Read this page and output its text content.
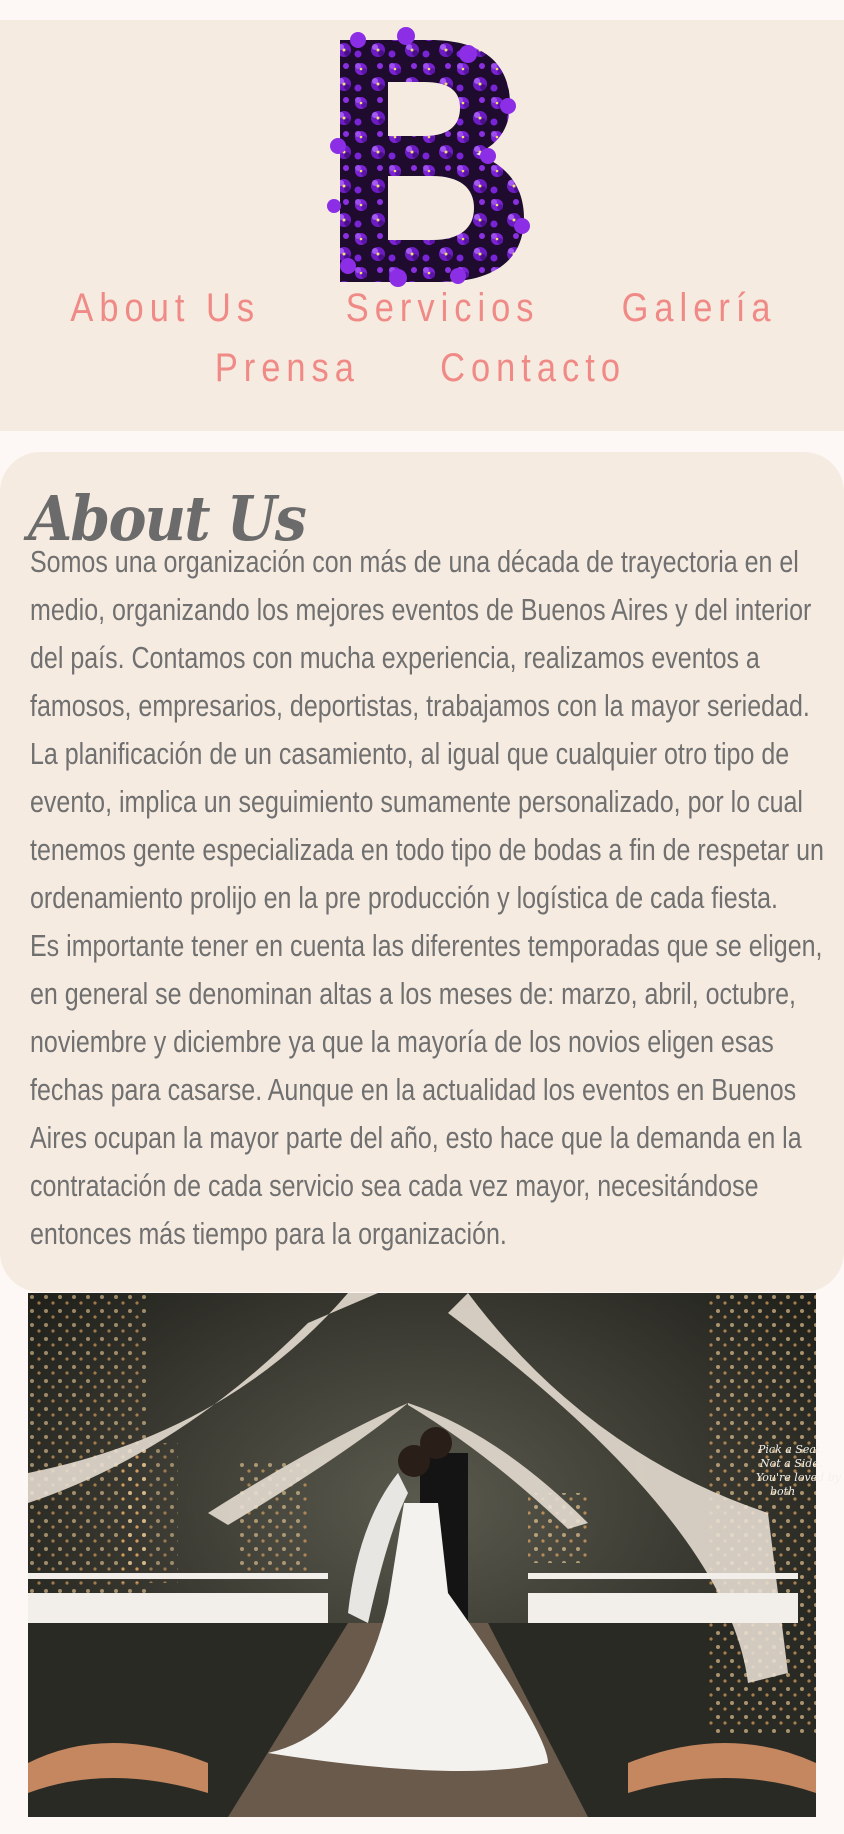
About Us Servicios Galería
Prensa Contacto
About Us

Somos una organización con más de una década de trayectoria en el medio, organizando los mejores eventos de Buenos Aires y del interior del país. Contamos con mucha experiencia, realizamos eventos a famosos, empresarios, deportistas, trabajamos con la mayor seriedad.

La planificación de un casamiento, al igual que cualquier otro tipo de evento, implica un seguimiento sumamente personalizado, por lo cual tenemos gente especializada en todo tipo de bodas a fin de respetar un ordenamiento prolijo en la pre producción y logística de cada fiesta.

Es importante tener en cuenta las diferentes temporadas que se eligen, en general se denominan altas a los meses de: marzo, abril, octubre, noviembre y diciembre ya que la mayoría de los novios eligen esas fechas para casarse. Aunque en la actualidad los eventos en Buenos Aires ocupan la mayor parte del año, esto hace que la demanda en la contratación de cada servicio sea cada vez mayor, necesitándose entonces más tiempo para la organización.

Pick a Seat,
Not a Side.
You're loved by
both
